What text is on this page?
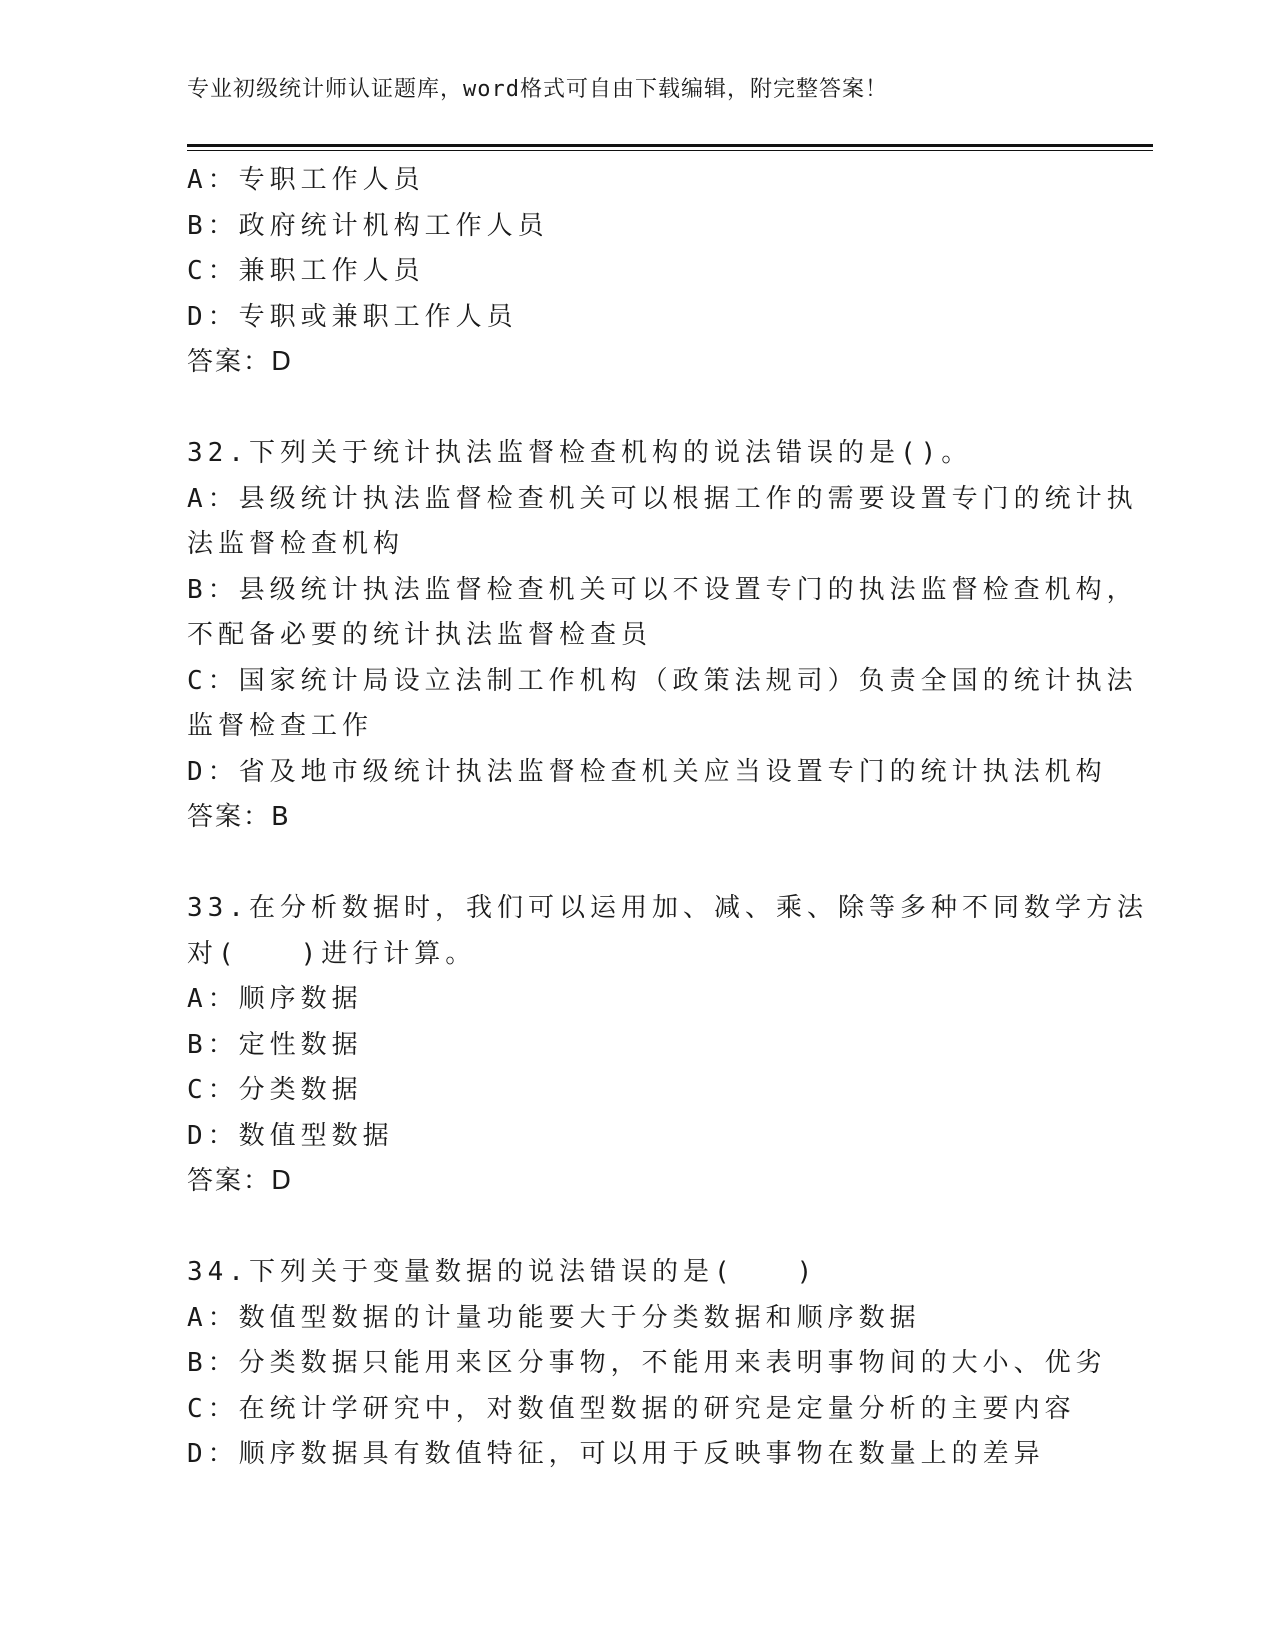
专业初级统计师认证题库，word格式可自由下载编辑，附完整答案！
A：专职工作人员
B：政府统计机构工作人员
C：兼职工作人员
D：专职或兼职工作人员
答案：D
32.下列关于统计执法监督检查机构的说法错误的是()。
A：县级统计执法监督检查机关可以根据工作的需要设置专门的统计执
法监督检查机构
B：县级统计执法监督检查机关可以不设置专门的执法监督检查机构，
不配备必要的统计执法监督检查员
C：国家统计局设立法制工作机构（政策法规司）负责全国的统计执法
监督检查工作
D：省及地市级统计执法监督检查机关应当设置专门的统计执法机构
答案：B
33.在分析数据时，我们可以运用加、减、乘、除等多种不同数学方法
对(　　)进行计算。
A：顺序数据
B：定性数据
C：分类数据
D：数值型数据
答案：D
34.下列关于变量数据的说法错误的是(　　)
A：数值型数据的计量功能要大于分类数据和顺序数据
B：分类数据只能用来区分事物，不能用来表明事物间的大小、优劣
C：在统计学研究中，对数值型数据的研究是定量分析的主要内容
D：顺序数据具有数值特征，可以用于反映事物在数量上的差异
